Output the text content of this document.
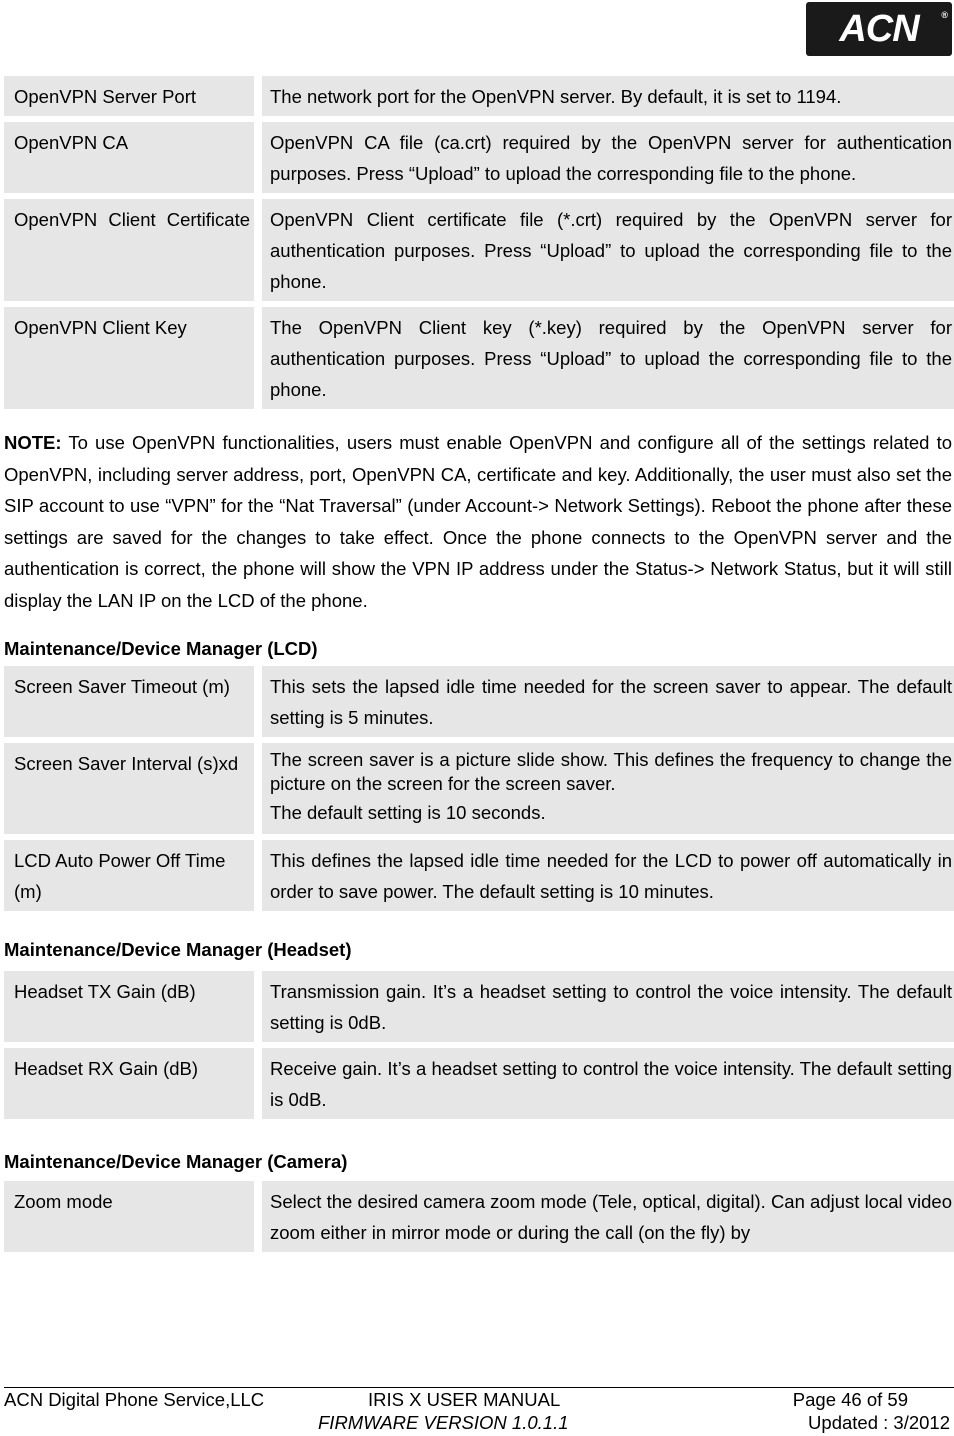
ACN	®
OpenVPN Server Port	The network port for the OpenVPN server. By default, it is set to 1194.
OpenVPN CA	OpenVPN CA file (ca.crt) required by the OpenVPN server for authentication purposes. Press “Upload” to upload the corresponding file to the phone.
OpenVPN Client Certificate	OpenVPN Client certificate file (*.crt) required by the OpenVPN server for authentication purposes. Press “Upload” to upload the corresponding file to the phone.
OpenVPN Client Key	The OpenVPN Client key (*.key) required by the OpenVPN server for authentication purposes. Press “Upload” to upload the corresponding file to the phone.

NOTE: To use OpenVPN functionalities, users must enable OpenVPN and configure all of the settings related to OpenVPN, including server address, port, OpenVPN CA, certificate and key. Additionally, the user must also set the SIP account to use “VPN” for the “Nat Traversal” (under Account-> Network Settings). Reboot the phone after these settings are saved for the changes to take effect. Once the phone connects to the OpenVPN server and the authentication is correct, the phone will show the VPN IP address under the Status-> Network Status, but it will still display the LAN IP on the LCD of the phone.

Maintenance/Device Manager (LCD)
Screen Saver Timeout (m)	This sets the lapsed idle time needed for the screen saver to appear. The default setting is 5 minutes.
Screen Saver Interval (s)xd	The screen saver is a picture slide show. This defines the frequency to change the picture on the screen for the screen saver.
The default setting is 10 seconds.

LCD Auto Power Off Time (m)	This defines the lapsed idle time needed for the LCD to power off automatically in order to save power. The default setting is 10 minutes.
Maintenance/Device Manager (Headset)
Headset TX Gain (dB)	Transmission gain. It’s a headset setting to control the voice intensity. The default setting is 0dB.
Headset RX Gain (dB)	Receive gain. It’s a headset setting to control the voice intensity. The default setting is 0dB.
Maintenance/Device Manager (Camera)
Zoom mode	Select the desired camera zoom mode (Tele, optical, digital). Can adjust local video zoom either in mirror mode or during the call (on the fly) by
ACN Digital Phone Service,LLC	IRIS X USER MANUAL	Page 46 of 59
FIRMWARE VERSION 1.0.1.1	Updated : 3/2012
